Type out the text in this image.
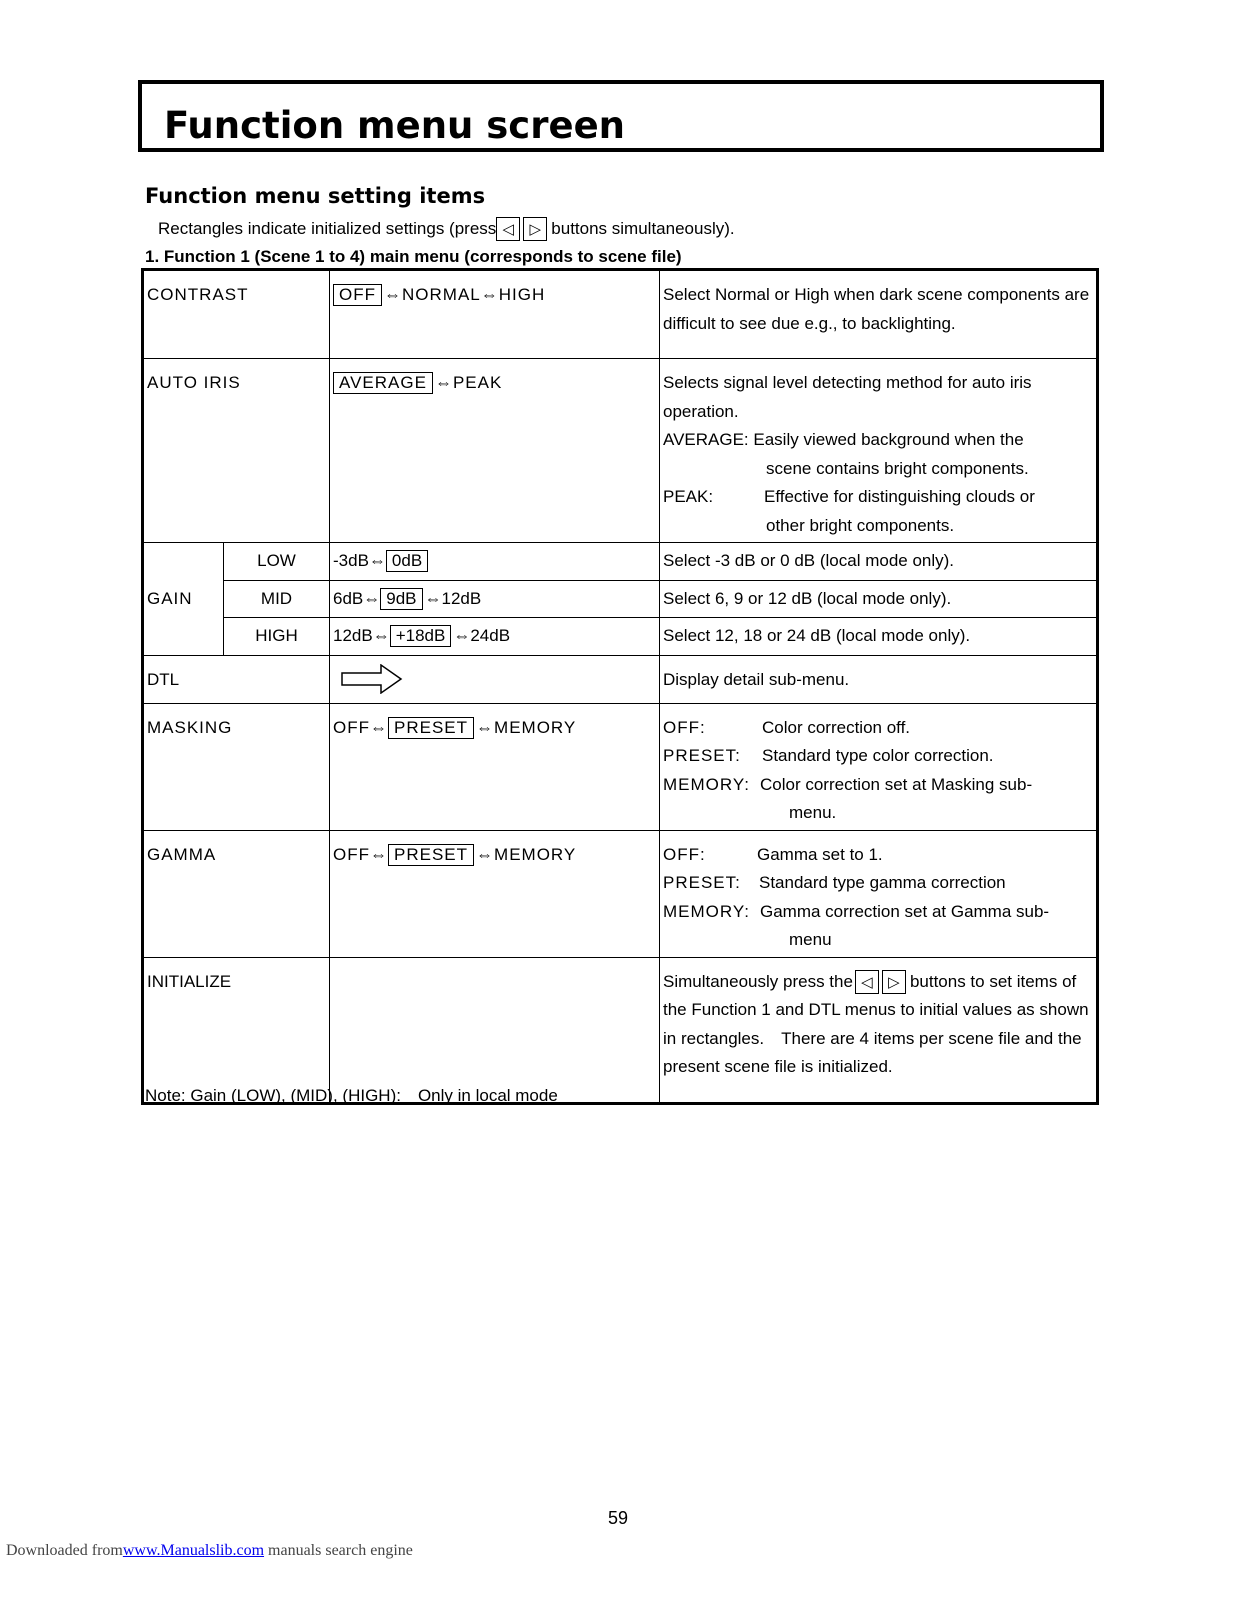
Function menu screen
Function menu setting items
Rectangles indicate initialized settings (press ◁	▷ buttons simultaneously).
1. Function 1 (Scene 1 to 4) main menu (corresponds to scene file)
CONTRAST		OFF ⇔NORMAL⇔HIGH	Select Normal or High when dark scene components are difficult to see due e.g., to backlighting.
AUTO IRIS		AVERAGE ⇔PEAK	Selects signal level detecting method for auto iris operation.
AVERAGE: Easily viewed background when the
scene contains bright components.
PEAK: Effective for distinguishing clouds or
other bright components.

GAIN	LOW	-3dB⇔ 0dB	Select -3 dB or 0 dB (local mode only).
	MID	6dB⇔ 9dB ⇔12dB	Select 6, 9 or 12 dB (local mode only).
	HIGH	12dB⇔ +18dB ⇔24dB	Select 12, 18 or 24 dB (local mode only).
DTL			Display detail sub-menu.
MASKING		OFF⇔ PRESET ⇔MEMORY	OFF: Color correction off.
PRESET: Standard type color correction.
MEMORY: Color correction set at Masking sub-
menu.

GAMMA		OFF⇔ PRESET ⇔MEMORY	OFF: Gamma set to 1.
PRESET: Standard type gamma correction
MEMORY: Gamma correction set at Gamma sub-
menu

INITIALIZE			Simultaneously press the ◁ ▷ buttons to set items of the Function 1 and DTL menus to initial values as shown in rectangles.　There are 4 items per scene file and the present scene file is initialized.
Note: Gain (LOW), (MID), (HIGH):　Only in local mode
59
Downloaded fromwww.Manualslib.com manuals search engine
